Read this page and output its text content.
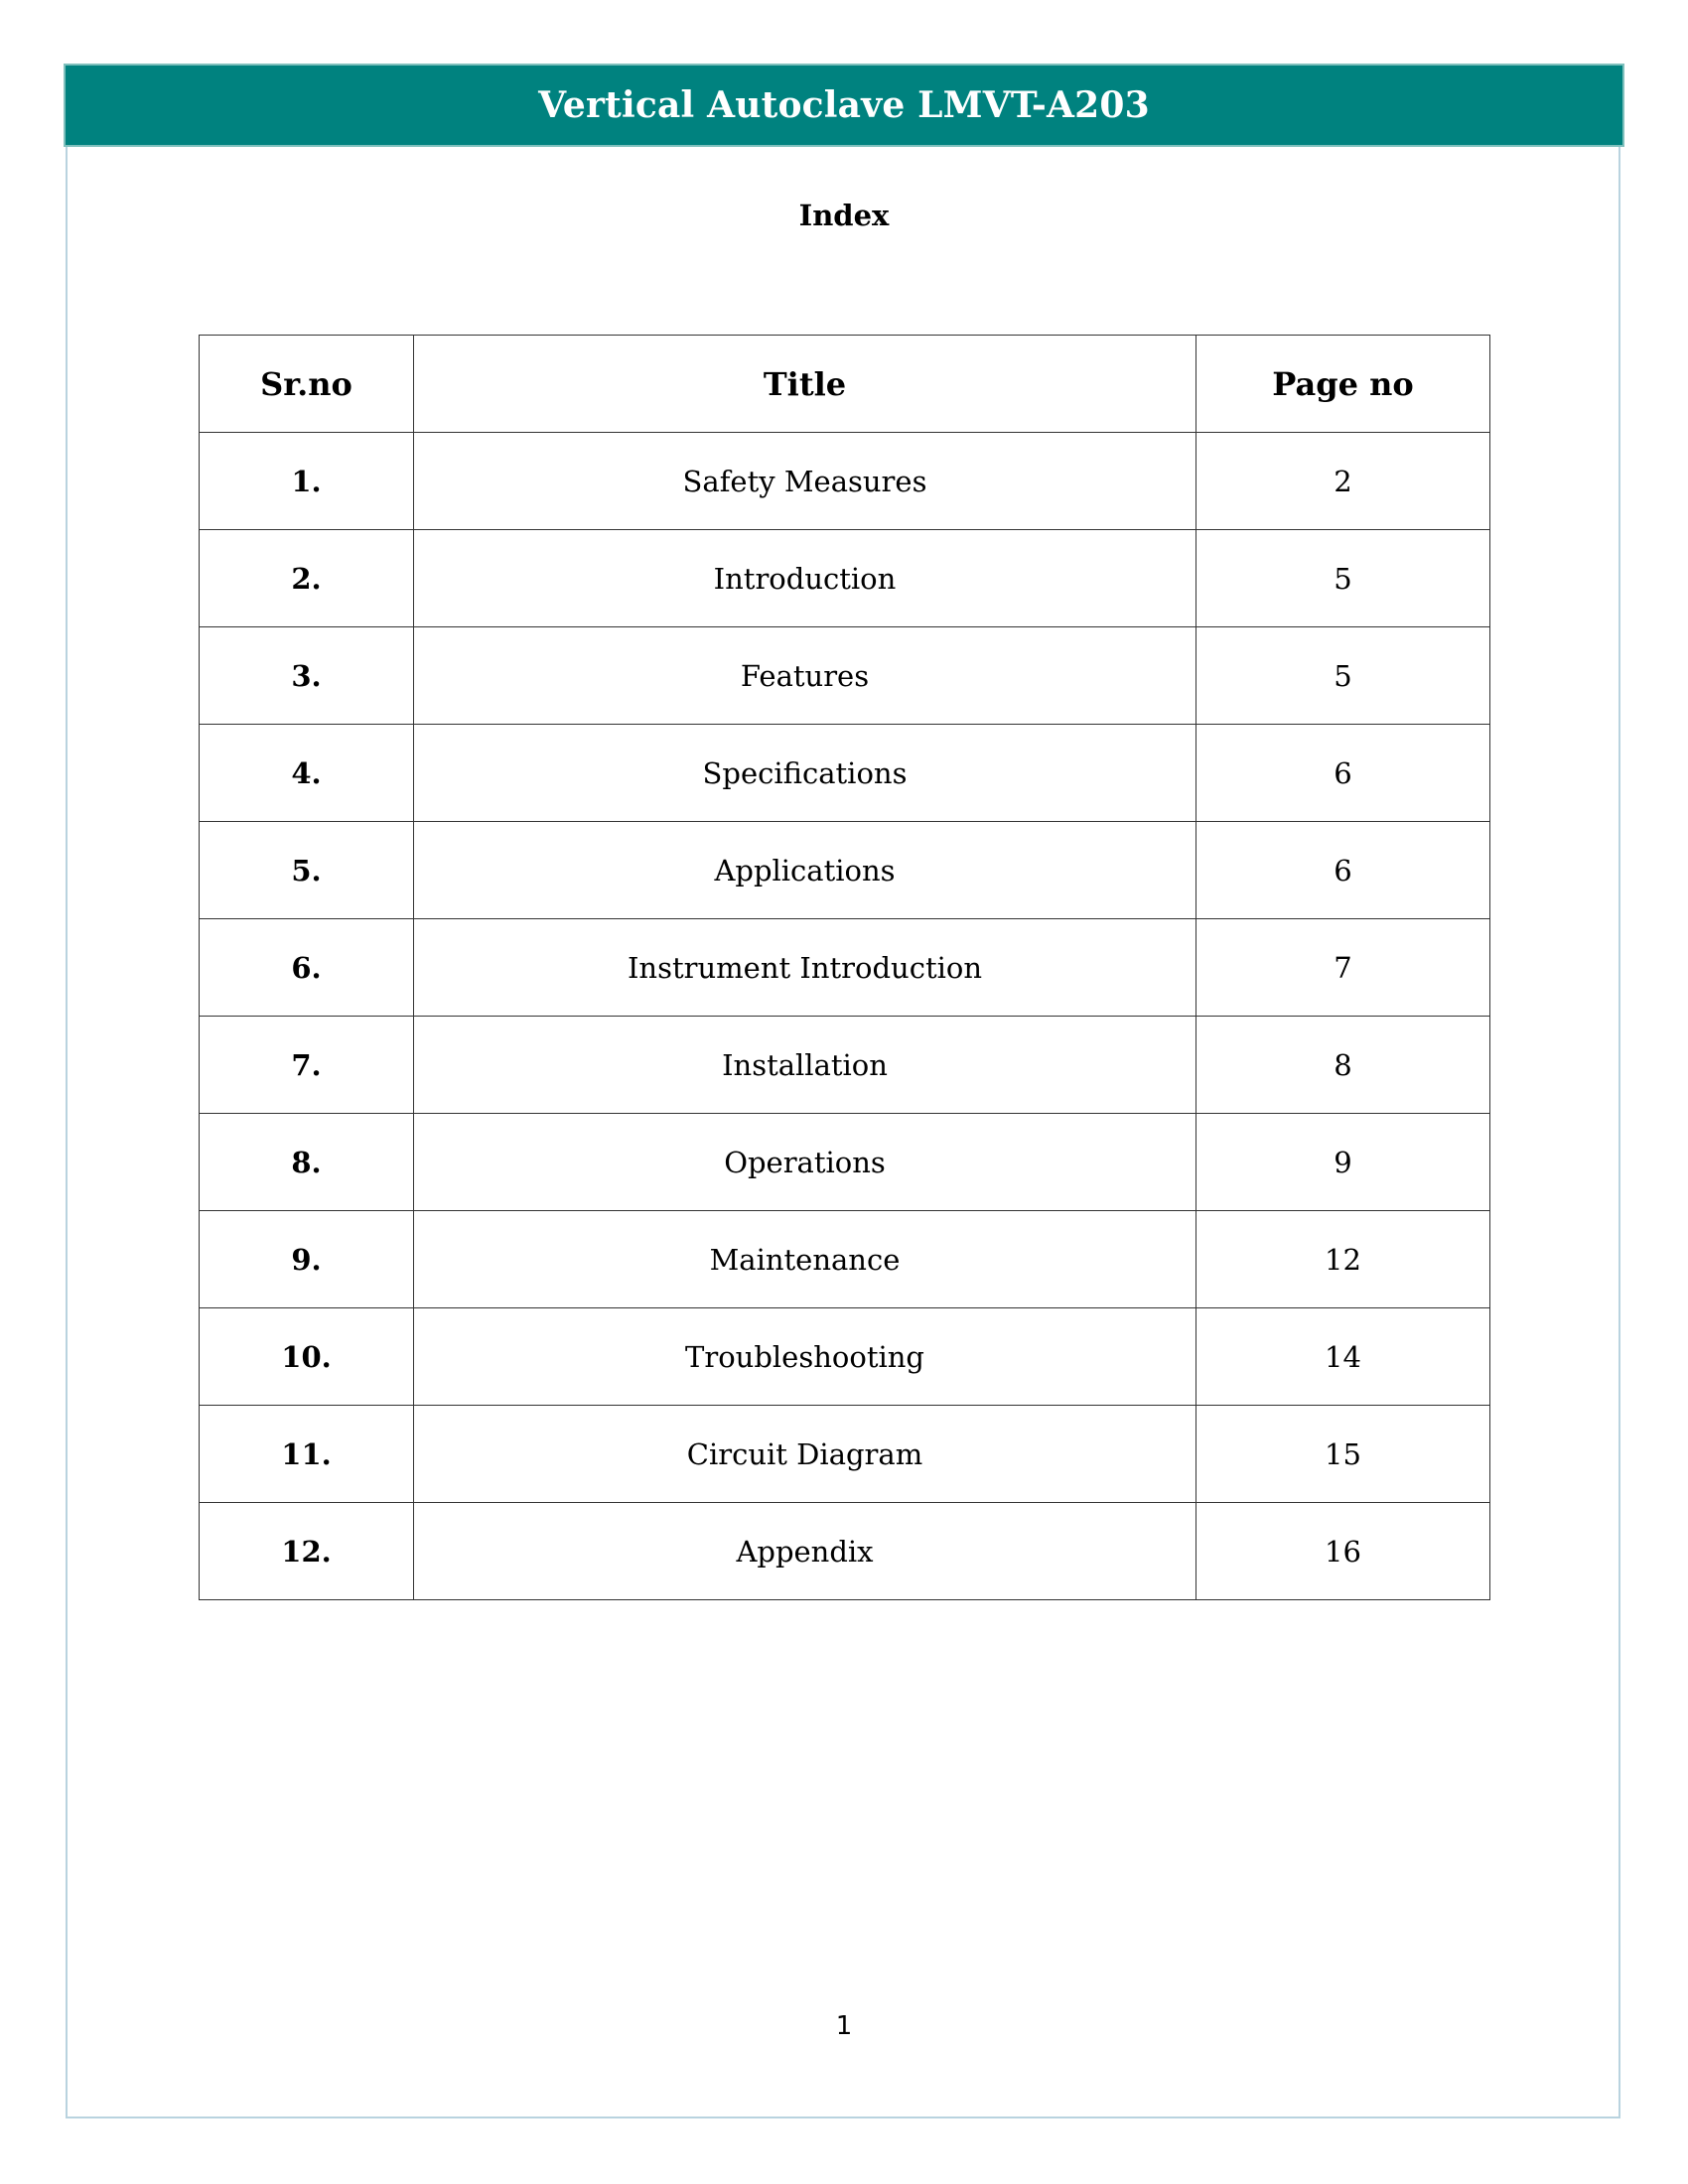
Vertical Autoclave LMVT-A203
Index
Sr.no	Title	Page no
1.	Safety Measures	2
2.	Introduction	5
3.	Features	5
4.	Specifications	6
5.	Applications	6
6.	Instrument Introduction	7
7.	Installation	8
8.	Operations	9
9.	Maintenance	12
10.	Troubleshooting	14
11.	Circuit Diagram	15
12.	Appendix	16
1
